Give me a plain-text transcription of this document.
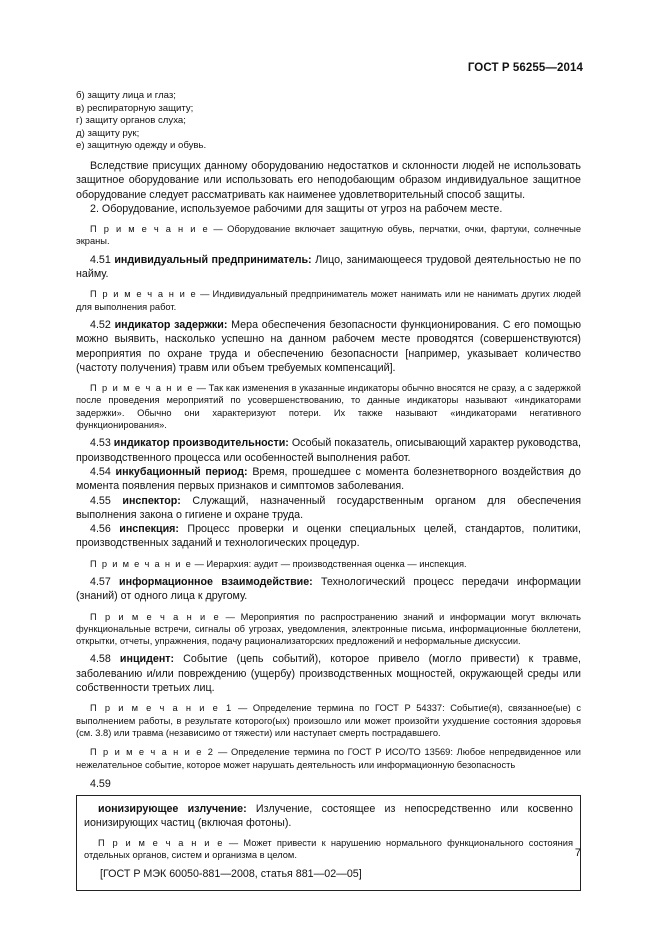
ГОСТ Р 56255—2014
б) защиту лица и глаз;
в) респираторную защиту;
г) защиту органов слуха;
д) защиту рук;
е) защитную одежду и обувь.

Вследствие присущих данному оборудованию недостатков и склонности людей не использовать защитное оборудование или использовать его неподобающим образом индивидуальное защитное оборудование следует рассматривать как наименее удовлетворительный способ защиты.

2. Оборудование, используемое рабочими для защиты от угроз на рабочем месте.

П р и м е ч а н и е — Оборудование включает защитную обувь, перчатки, очки, фартуки, солнечные экраны.

4.51 индивидуальный предприниматель: Лицо, занимающееся трудовой деятельностью не по найму.

П р и м е ч а н и е — Индивидуальный предприниматель может нанимать или не нанимать других людей для выполнения работ.

4.52 индикатор задержки: Мера обеспечения безопасности функционирования. С его помощью можно выявить, насколько успешно на данном рабочем месте проводятся (совершенствуются) мероприятия по охране труда и обеспечению безопасности [например, указывает количество (частоту получения) травм или объем требуемых компенсаций].

П р и м е ч а н и е — Так как изменения в указанные индикаторы обычно вносятся не сразу, а с задержкой после проведения мероприятий по усовершенствованию, то данные индикаторы называют «индикаторами задержки». Обычно они характеризуют потери. Их также называют «индикаторами негативного функционирования».

4.53 индикатор производительности: Особый показатель, описывающий характер руководства, производственного процесса или особенностей выполнения работ.

4.54 инкубационный период: Время, прошедшее с момента болезнетворного воздействия до момента появления первых признаков и симптомов заболевания.

4.55 инспектор: Служащий, назначенный государственным органом для обеспечения выполнения закона о гигиене и охране труда.

4.56 инспекция: Процесс проверки и оценки специальных целей, стандартов, политики, производственных заданий и технологических процедур.

П р и м е ч а н и е — Иерархия: аудит — производственная оценка — инспекция.

4.57 информационное взаимодействие: Технологический процесс передачи информации (знаний) от одного лица к другому.

П р и м е ч а н и е — Мероприятия по распространению знаний и информации могут включать функциональные встречи, сигналы об угрозах, уведомления, электронные письма, информационные бюллетени, открытки, отчеты, упражнения, подачу рационализаторских предложений и неформальные дискуссии.

4.58 инцидент: Событие (цепь событий), которое привело (могло привести) к травме, заболеванию и/или повреждению (ущербу) производственных мощностей, окружающей среды или собственности третьих лиц.

П р и м е ч а н и е 1 — Определение термина по ГОСТ Р 54337: Событие(я), связанное(ые) с выполнением работы, в результате которого(ых) произошло или может произойти ухудшение состояния здоровья (см. 3.8) или травма (независимо от тяжести) или наступает смерть пострадавшего.
П р и м е ч а н и е 2 — Определение термина по ГОСТ Р ИСО/ТО 13569: Любое непредвиденное или нежелательное событие, которое может нарушать деятельность или информационную безопасность

4.59

ионизирующее излучение: Излучение, состоящее из непосредственно или косвенно ионизирующих частиц (включая фотоны).

П р и м е ч а н и е — Может привести к нарушению нормального функционального состояния отдельных органов, систем и организма в целом.
[ГОСТ Р МЭК 60050-881—2008, статья 881—02—05]
7
